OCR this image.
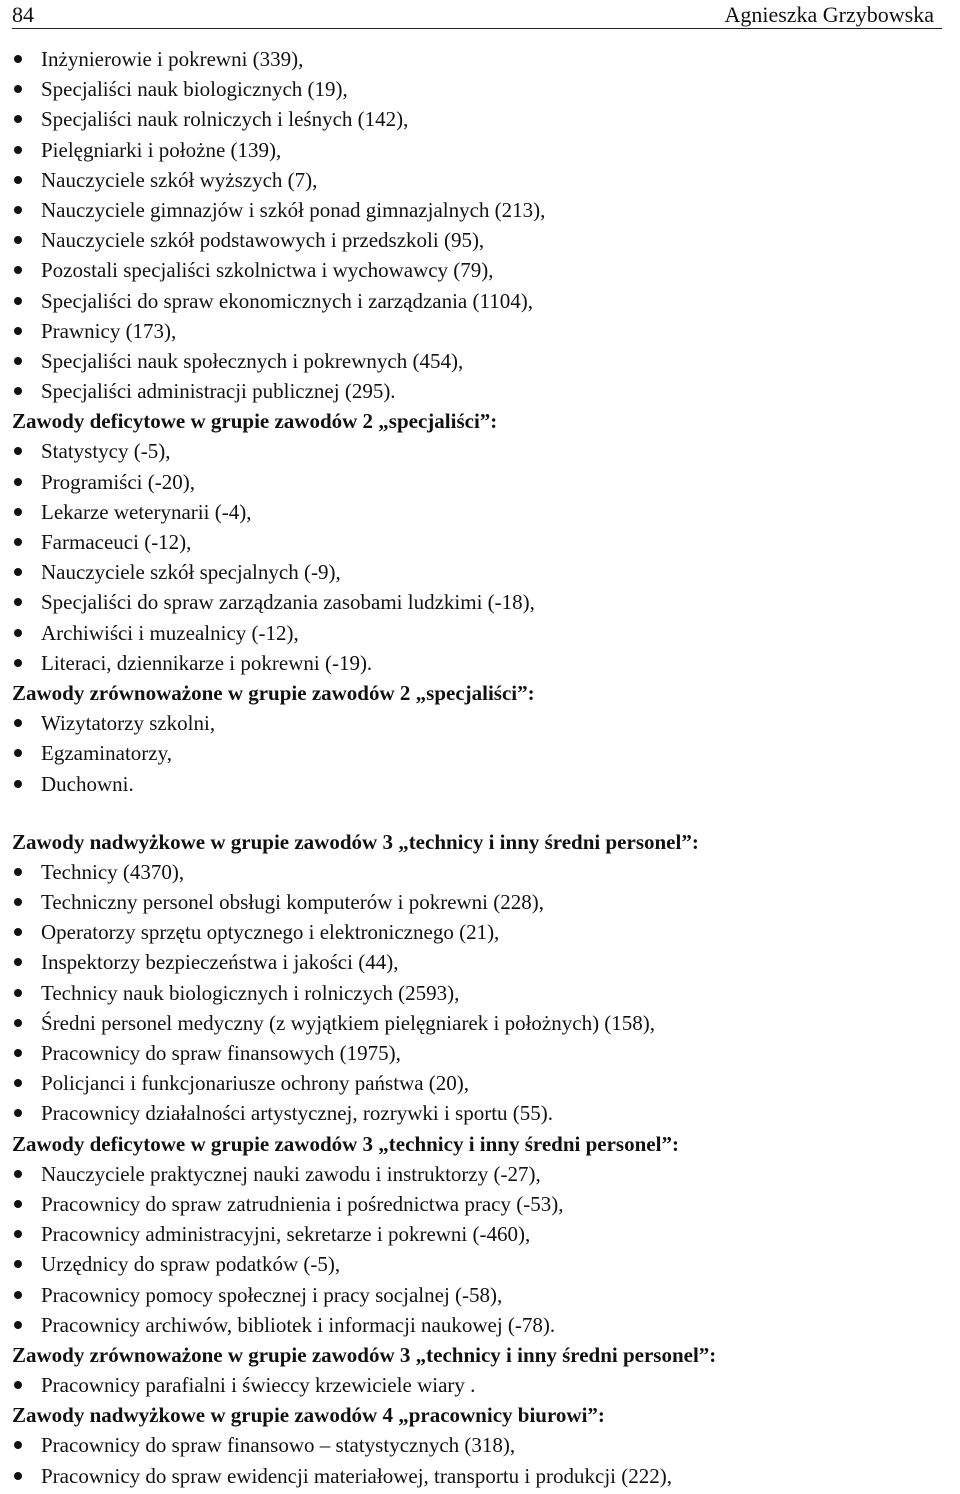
84	Agnieszka Grzybowska
Inżynierowie i pokrewni (339),
Specjaliści nauk biologicznych (19),
Specjaliści nauk rolniczych i leśnych (142),
Pielęgniarki i położne (139),
Nauczyciele szkół wyższych (7),
Nauczyciele gimnazjów i szkół ponad gimnazjalnych (213),
Nauczyciele szkół podstawowych i przedszkoli (95),
Pozostali specjaliści szkolnictwa i wychowawcy (79),
Specjaliści do spraw ekonomicznych i zarządzania (1104),
Prawnicy (173),
Specjaliści nauk społecznych i pokrewnych (454),
Specjaliści administracji publicznej (295).
Zawody deficytowe w grupie zawodów 2 „specjaliści”:
Statystycy (-5),
Programiści (-20),
Lekarze weterynarii (-4),
Farmaceuci (-12),
Nauczyciele szkół specjalnych (-9),
Specjaliści do spraw zarządzania zasobami ludzkimi (-18),
Archiwiści i muzealnicy (-12),
Literaci, dziennikarze i pokrewni (-19).
Zawody zrównoważone w grupie zawodów 2 „specjaliści”:
Wizytatorzy szkolni,
Egzaminatorzy,
Duchowni.
Zawody nadwyżkowe w grupie zawodów 3 „technicy i inny średni personel”:
Technicy (4370),
Techniczny personel obsługi komputerów i pokrewni (228),
Operatorzy sprzętu optycznego i elektronicznego (21),
Inspektorzy bezpieczeństwa i jakości (44),
Technicy nauk biologicznych i rolniczych (2593),
Średni personel medyczny (z wyjątkiem pielęgniarek i położnych) (158),
Pracownicy do spraw finansowych (1975),
Policjanci i funkcjonariusze ochrony państwa (20),
Pracownicy działalności artystycznej, rozrywki i sportu (55).
Zawody deficytowe w grupie zawodów 3 „technicy i inny średni personel”:
Nauczyciele praktycznej nauki zawodu i instruktorzy (-27),
Pracownicy do spraw zatrudnienia i pośrednictwa pracy (-53),
Pracownicy administracyjni, sekretarze i pokrewni (-460),
Urzędnicy do spraw podatków (-5),
Pracownicy pomocy społecznej i pracy socjalnej (-58),
Pracownicy archiwów, bibliotek i informacji naukowej (-78).
Zawody zrównoważone w grupie zawodów 3 „technicy i inny średni personel”:
Pracownicy parafialni i świeccy krzewiciele wiary .
Zawody nadwyżkowe w grupie zawodów 4 „pracownicy biurowi”:
Pracownicy do spraw finansowo – statystycznych (318),
Pracownicy do spraw ewidencji materiałowej, transportu i produkcji (222),
